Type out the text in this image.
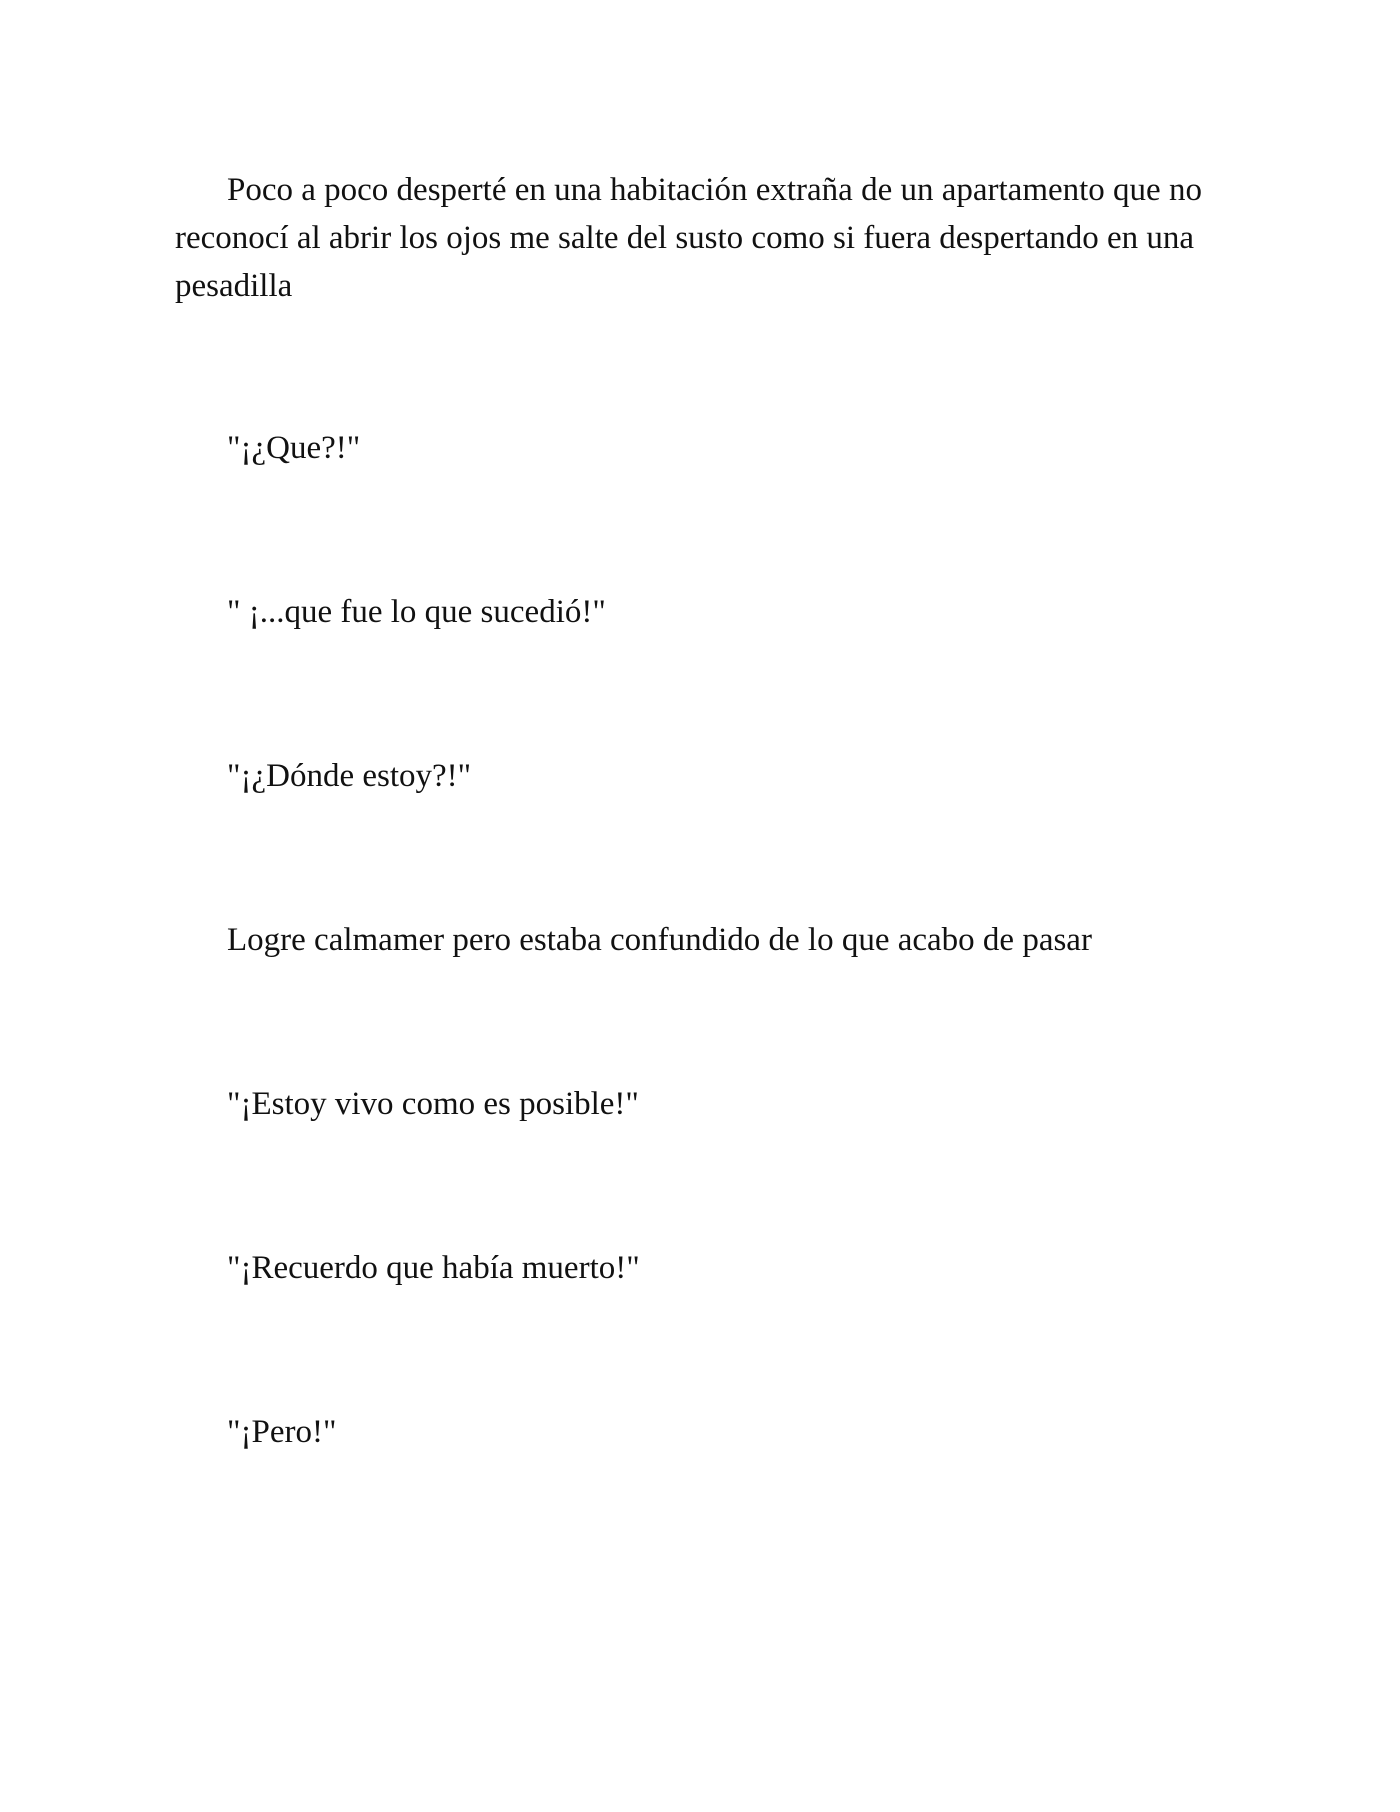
Poco a poco desperté en una habitación extraña de un apartamento que no reconocí al abrir los ojos me salte del susto como si fuera despertando en una pesadilla

"¡¿Que?!"

" ¡...que fue lo que sucedió!"

"¡¿Dónde estoy?!"

Logre calmamer pero estaba confundido de lo que acabo de pasar

"¡Estoy vivo como es posible!"

"¡Recuerdo que había muerto!"

"¡Pero!"
